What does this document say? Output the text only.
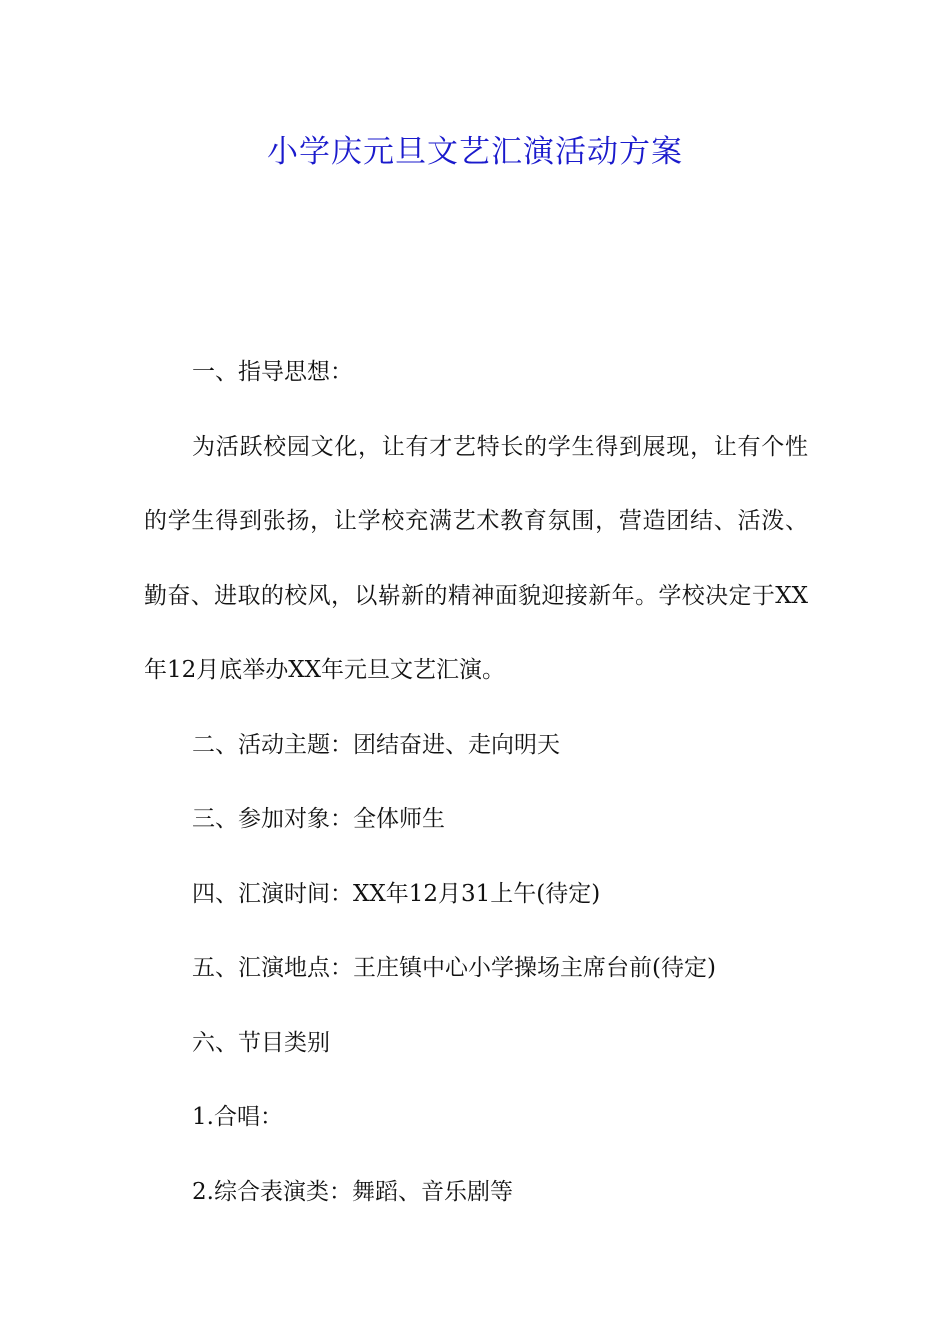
小学庆元旦文艺汇演活动方案

一、指导思想：

为活跃校园文化，让有才艺特长的学生得到展现，让有个性的学生得到张扬，让学校充满艺术教育氛围，营造团结、活泼、勤奋、进取的校风，以崭新的精神面貌迎接新年。学校决定于XX年12月底举办XX年元旦文艺汇演。

二、活动主题：团结奋进、走向明天

三、参加对象：全体师生

四、汇演时间：XX年12月31上午(待定)

五、汇演地点：王庄镇中心小学操场主席台前(待定)

六、节目类别

1.合唱：

2.综合表演类：舞蹈、音乐剧等
